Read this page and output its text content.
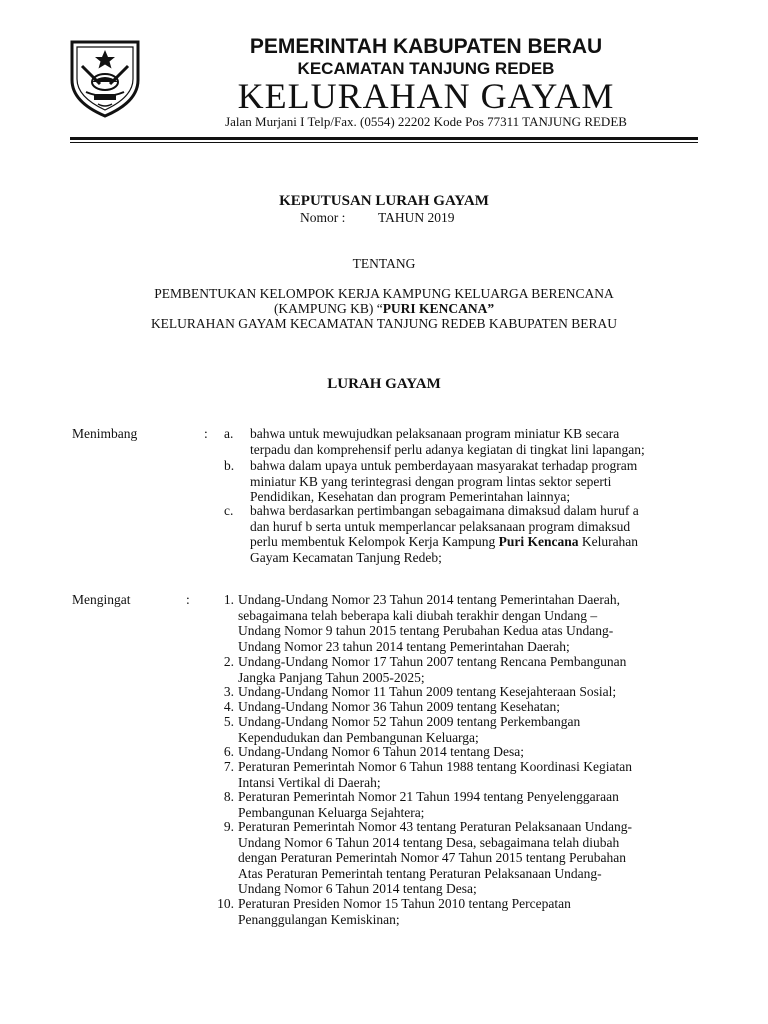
PEMERINTAH KABUPATEN BERAU
KECAMATAN TANJUNG REDEB
KELURAHAN GAYAM
Jalan Murjani I Telp/Fax. (0554) 22202 Kode Pos 77311 TANJUNG REDEB
KEPUTUSAN LURAH GAYAM
Nomor : TAHUN 2019
TENTANG
PEMBENTUKAN KELOMPOK KERJA KAMPUNG KELUARGA BERENCANA
(KAMPUNG KB) “PURI KENCANA”
KELURAHAN GAYAM KECAMATAN TANJUNG REDEB KABUPATEN BERAU
LURAH GAYAM
Menimbang	: a.	bahwa untuk mewujudkan pelaksanaan program miniatur KB secara
terpadu dan komprehensif perlu adanya kegiatan di tingkat lini lapangan;
b.	bahwa dalam upaya untuk pemberdayaan masyarakat terhadap program
miniatur KB yang terintegrasi dengan program lintas sektor seperti
Pendidikan, Kesehatan dan program Pemerintahan lainnya;
c.	bahwa berdasarkan pertimbangan sebagaimana dimaksud dalam huruf a
dan huruf b serta untuk memperlancar pelaksanaan program dimaksud
perlu membentuk Kelompok Kerja Kampung Puri Kencana Kelurahan
Gayam Kecamatan Tanjung Redeb;
Mengingat	:	1. Undang-Undang Nomor 23 Tahun 2014 tentang Pemerintahan Daerah,
sebagaimana telah beberapa kali diubah terakhir dengan Undang –
Undang Nomor 9 tahun 2015 tentang Perubahan Kedua atas Undang-
Undang Nomor 23 tahun 2014 tentang Pemerintahan Daerah;
2. Undang-Undang Nomor 17 Tahun 2007 tentang Rencana Pembangunan
Jangka Panjang Tahun 2005-2025;
3. Undang-Undang Nomor 11 Tahun 2009 tentang Kesejahteraan Sosial;
4. Undang-Undang Nomor 36 Tahun 2009 tentang Kesehatan;
5. Undang-Undang Nomor 52 Tahun 2009 tentang Perkembangan
Kependudukan dan Pembangunan Keluarga;
6. Undang-Undang Nomor 6 Tahun 2014 tentang Desa;
7. Peraturan Pemerintah Nomor 6 Tahun 1988 tentang Koordinasi Kegiatan
Intansi Vertikal di Daerah;
8. Peraturan Pemerintah Nomor 21 Tahun 1994 tentang Penyelenggaraan
Pembangunan Keluarga Sejahtera;
9. Peraturan Pemerintah Nomor 43 tentang Peraturan Pelaksanaan Undang-
Undang Nomor 6 Tahun 2014 tentang Desa, sebagaimana telah diubah
dengan Peraturan Pemerintah Nomor 47 Tahun 2015 tentang Perubahan
Atas Peraturan Pemerintah tentang Peraturan Pelaksanaan Undang-
Undang Nomor 6 Tahun 2014 tentang Desa;
10. Peraturan Presiden Nomor 15 Tahun 2010 tentang Percepatan
Penanggulangan Kemiskinan;
